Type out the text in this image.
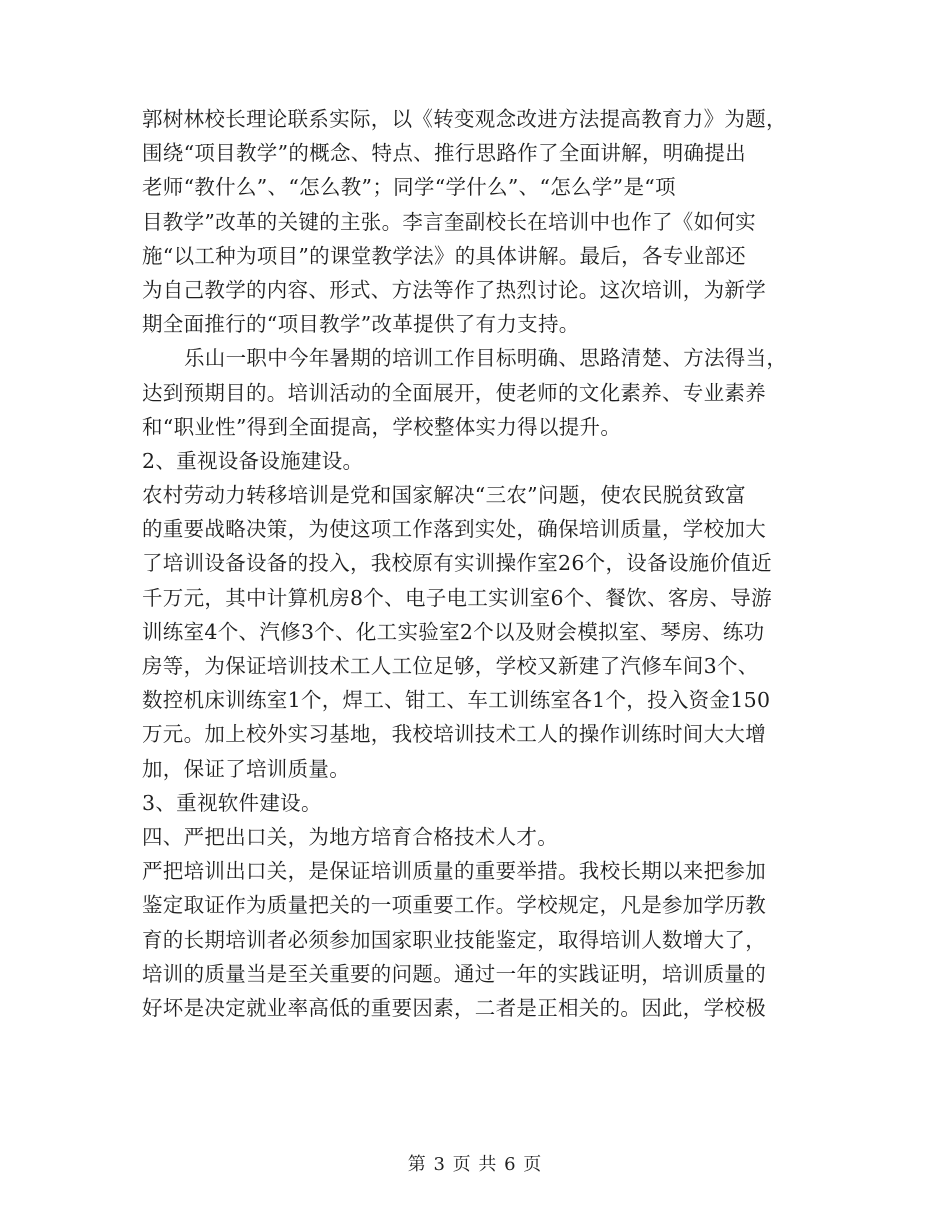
郭树林校长理论联系实际，以《转变观念改进方法提高教育力》为题，
围绕“项目教学”的概念、特点、推行思路作了全面讲解，明确提出
老师“教什么”、“怎么教”；同学“学什么”、“怎么学”是“项
目教学”改革的关键的主张。李言奎副校长在培训中也作了《如何实
施“以工种为项目”的课堂教学法》的具体讲解。最后，各专业部还
为自己教学的内容、形式、方法等作了热烈讨论。这次培训，为新学
期全面推行的“项目教学”改革提供了有力支持。
乐山一职中今年暑期的培训工作目标明确、思路清楚、方法得当，
达到预期目的。培训活动的全面展开，使老师的文化素养、专业素养
和“职业性”得到全面提高，学校整体实力得以提升。
2、重视设备设施建设。
农村劳动力转移培训是党和国家解决“三农”问题，使农民脱贫致富
的重要战略决策，为使这项工作落到实处，确保培训质量，学校加大
了培训设备设备的投入，我校原有实训操作室26个，设备设施价值近
千万元，其中计算机房8个、电子电工实训室6个、餐饮、客房、导游
训练室4个、汽修3个、化工实验室2个以及财会模拟室、琴房、练功
房等，为保证培训技术工人工位足够，学校又新建了汽修车间3个、
数控机床训练室1个，焊工、钳工、车工训练室各1个，投入资金150
万元。加上校外实习基地，我校培训技术工人的操作训练时间大大增
加，保证了培训质量。
3、重视软件建设。
四、严把出口关，为地方培育合格技术人才。
严把培训出口关，是保证培训质量的重要举措。我校长期以来把参加
鉴定取证作为质量把关的一项重要工作。学校规定，凡是参加学历教
育的长期培训者必须参加国家职业技能鉴定，取得培训人数增大了，
培训的质量当是至关重要的问题。通过一年的实践证明，培训质量的
好坏是决定就业率高低的重要因素，二者是正相关的。因此，学校极
第 3 页 共 6 页
